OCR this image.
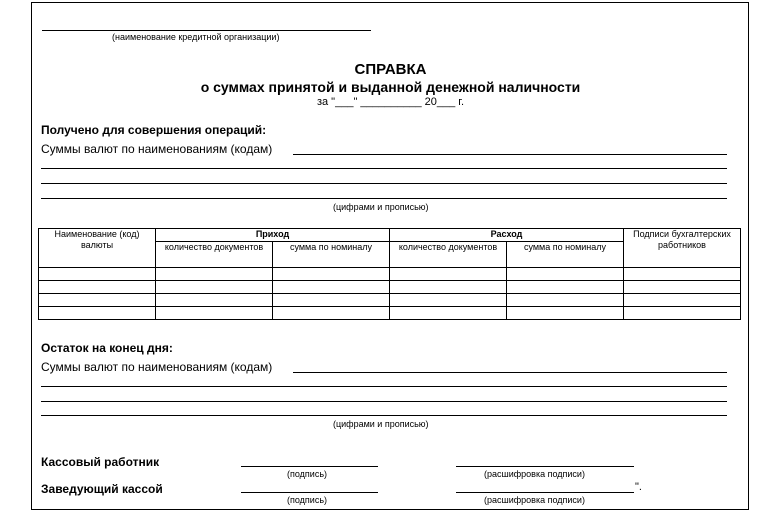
(наименование кредитной организации)
СПРАВКА
о суммах принятой и выданной денежной наличности
за "___" __________ 20___ г.
Получено для совершения операций:
Суммы валют по наименованиям (кодам)
(цифрами и прописью)
Наименование (код) валюты	Приход		Расход		Подписи бухгалтерских работников
	количество документов	сумма по номиналу	количество документов	сумма по номиналу	

Остаток на конец дня:
Суммы валют по наименованиям (кодам)
(цифрами и прописью)
Кассовый работник
(подпись)	(расшифровка подписи)
Заведующий кассой
(подпись)
".
(расшифровка подписи)
